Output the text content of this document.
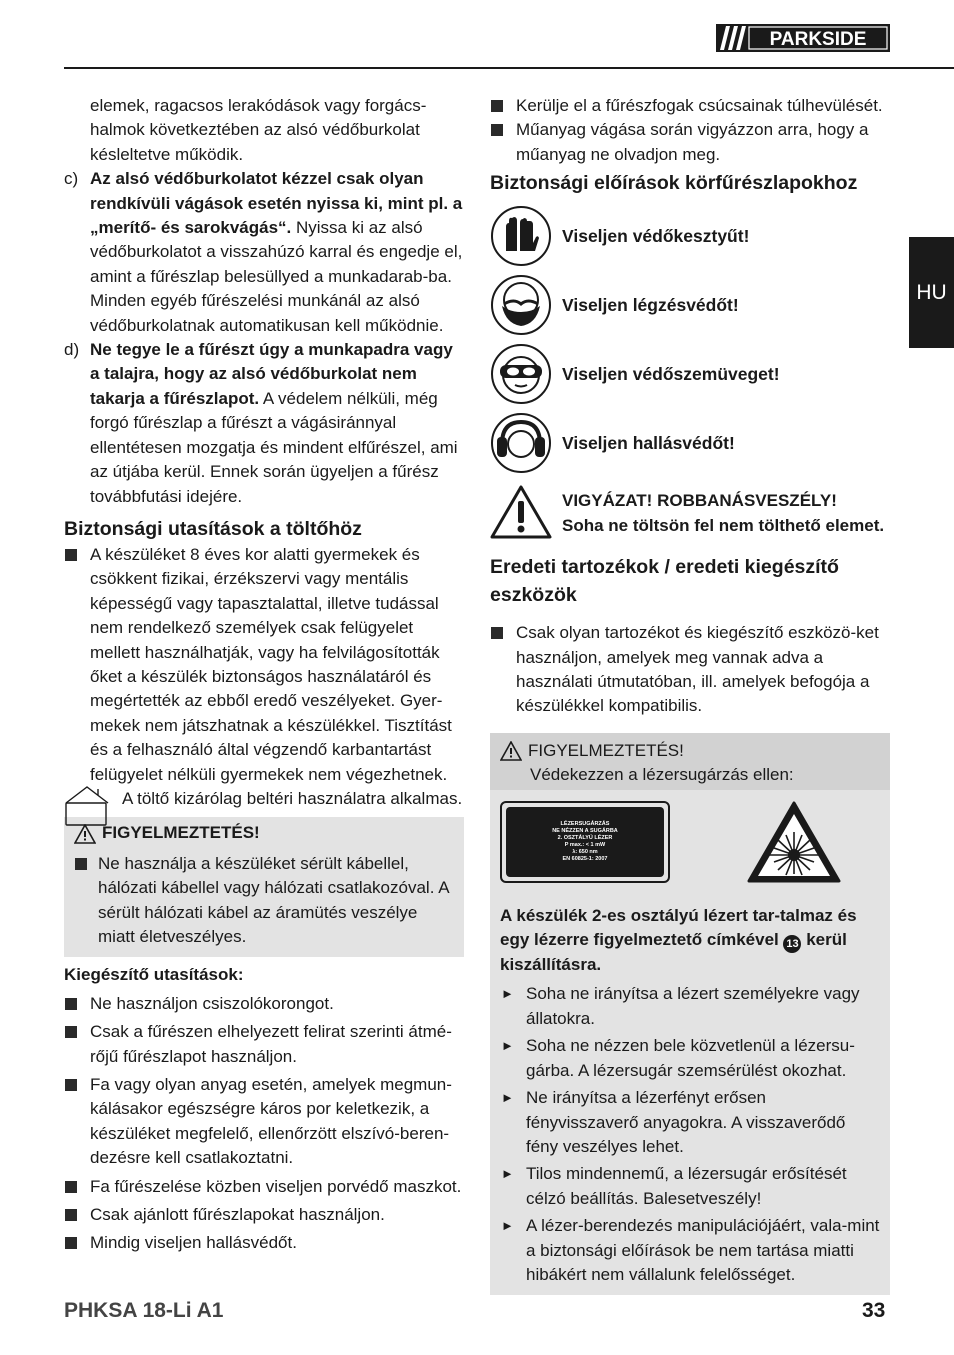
PARKSIDE
HU

elemek, ragacsos lerakódások vagy forgács-halmok következtében az alsó védőburkolat késleltetve működik.

c) Az alsó védőburkolatot kézzel csak olyan rendkívüli vágások esetén nyissa ki, mint pl. a „merítő- és sarokvágás“. Nyissa ki az alsó védőburkolatot a visszahúzó karral és engedje el, amint a fűrészlap belesüllyed a munkadarab-ba. Minden egyéb fűrészelési munkánál az alsó védőburkolatnak automatikusan kell működnie.
d) Ne tegye le a fűrészt úgy a munkapadra vagy a talajra, hogy az alsó védőburkolat nem takarja a fűrészlapot. A védelem nélküli, még forgó fűrészlap a fűrészt a vágásiránnyal ellentétesen mozgatja és mindent elfűrészel, ami az útjába kerül. Ennek során ügyeljen a fűrész továbbfutási idejére.

Biztonsági utasítások a töltőhöz

A készüléket 8 éves kor alatti gyermekek és csökkent fizikai, érzékszervi vagy mentális képességű vagy tapasztalattal, illetve tudással nem rendelkező személyek csak felügyelet mellett használhatják, vagy ha felvilágosították őket a készülék biztonságos használatáról és megértették az ebből eredő veszélyeket. Gyer-mekek nem játszhatnak a készülékkel. Tisztítást és a felhasználó által végzendő karbantartást felügyelet nélküli gyermekek nem végezhetnek.
A töltő kizárólag beltéri használatra alkalmas.
FIGYELMEZTETÉS!
Ne használja a készüléket sérült kábellel, hálózati kábellel vagy hálózati csatlakozóval. A sérült hálózati kábel az áramütés veszélye miatt életveszélyes.

Kiegészítő utasítások:

Ne használjon csiszolókorongot.
Csak a fűrészen elhelyezett felirat szerinti átmé-rőjű fűrészlapot használjon.
Fa vagy olyan anyag esetén, amelyek megmun-kálásakor egészségre káros por keletkezik, a készüléket megfelelő, ellenőrzött elszívó-beren-dezésre kell csatlakoztatni.
Fa fűrészelése közben viseljen porvédő maszkot.
Csak ajánlott fűrészlapokat használjon.
Mindig viseljen hallásvédőt.
Kerülje el a fűrészfogak csúcsainak túlhevülését.
Műanyag vágása során vigyázzon arra, hogy a műanyag ne olvadjon meg.

Biztonsági előírások körfűrészlapokhoz

Viseljen védőkesztyűt!
Viseljen légzésvédőt!
Viseljen védőszemüveget!
Viseljen hallásvédőt!
VIGYÁZAT! ROBBANÁSVESZÉLY!
Soha ne töltsön fel nem tölthető elemet.

Eredeti tartozékok / eredeti kiegészítő eszközök

Csak olyan tartozékot és kiegészítő eszközö-ket használjon, amelyek meg vannak adva a használati útmutatóban, ill. amelyek befogója a készülékkel kompatibilis.
FIGYELMEZTETÉS!
Védekezzen a lézersugárzás ellen:
LÉZERSUGÁRZÁS
NE NÉZZEN A SUGÁRBA
2. OSZTÁLYÚ LÉZER
P max.: < 1 mW
λ: 650 nm
EN 60825-1: 2007

A készülék 2-es osztályú lézert tar-talmaz és egy lézerre figyelmeztető címkével 13 kerül kiszállításra.

► Soha ne irányítsa a lézert személyekre vagy állatokra.
► Soha ne nézzen bele közvetlenül a lézersu-gárba. A lézersugár szemsérülést okozhat.
► Ne irányítsa a lézerfényt erősen fényvisszaverő anyagokra. A visszaverődő fény veszélyes lehet.
► Tilos mindennemű, a lézersugár erősítését célzó beállítás. Balesetveszély!
► A lézer-berendezés manipulációjáért, vala-mint a biztonsági előírások be nem tartása miatti hibákért nem vállalunk felelősséget.
PHKSA 18-Li A1	33
